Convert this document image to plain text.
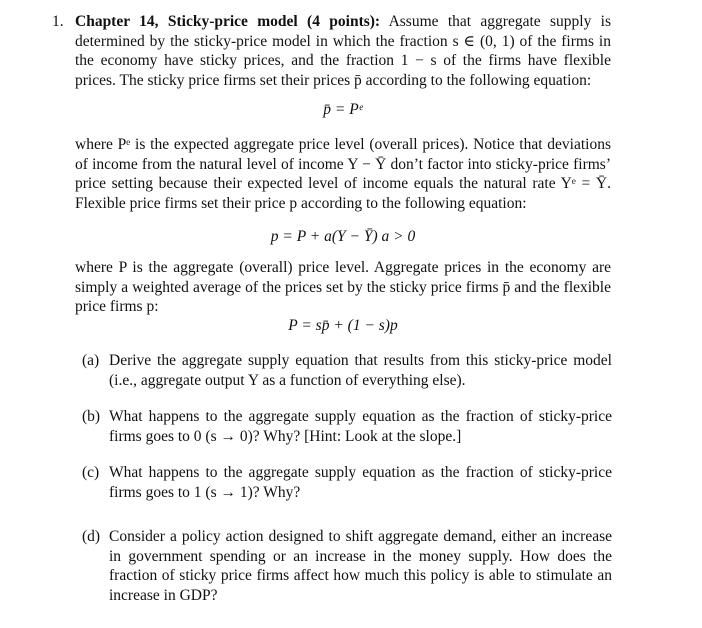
1. Chapter 14, Sticky-price model (4 points): Assume that aggregate supply is determined by the sticky-price model in which the fraction s ∈ (0, 1) of the firms in the economy have sticky prices, and the fraction 1 − s of the firms have flexible prices. The sticky price firms set their prices p̄ according to the following equation:
p̄ = Pᵉ
where Pᵉ is the expected aggregate price level (overall prices). Notice that deviations of income from the natural level of income Y − Ȳ don’t factor into sticky-price firms’ price setting because their expected level of income equals the natural rate Yᵉ = Ȳ. Flexible price firms set their price p according to the following equation:
p = P + a(Y − Ȳ) a > 0
where P is the aggregate (overall) price level. Aggregate prices in the economy are simply a weighted average of the prices set by the sticky price firms p̄ and the flexible price firms p:
P = sp̄ + (1 − s)p
(a) Derive the aggregate supply equation that results from this sticky-price model (i.e., aggregate output Y as a function of everything else).
(b) What happens to the aggregate supply equation as the fraction of sticky-price firms goes to 0 (s → 0)? Why? [Hint: Look at the slope.]
(c) What happens to the aggregate supply equation as the fraction of sticky-price firms goes to 1 (s → 1)? Why?
(d) Consider a policy action designed to shift aggregate demand, either an increase in government spending or an increase in the money supply. How does the fraction of sticky price firms affect how much this policy is able to stimulate an increase in GDP?
